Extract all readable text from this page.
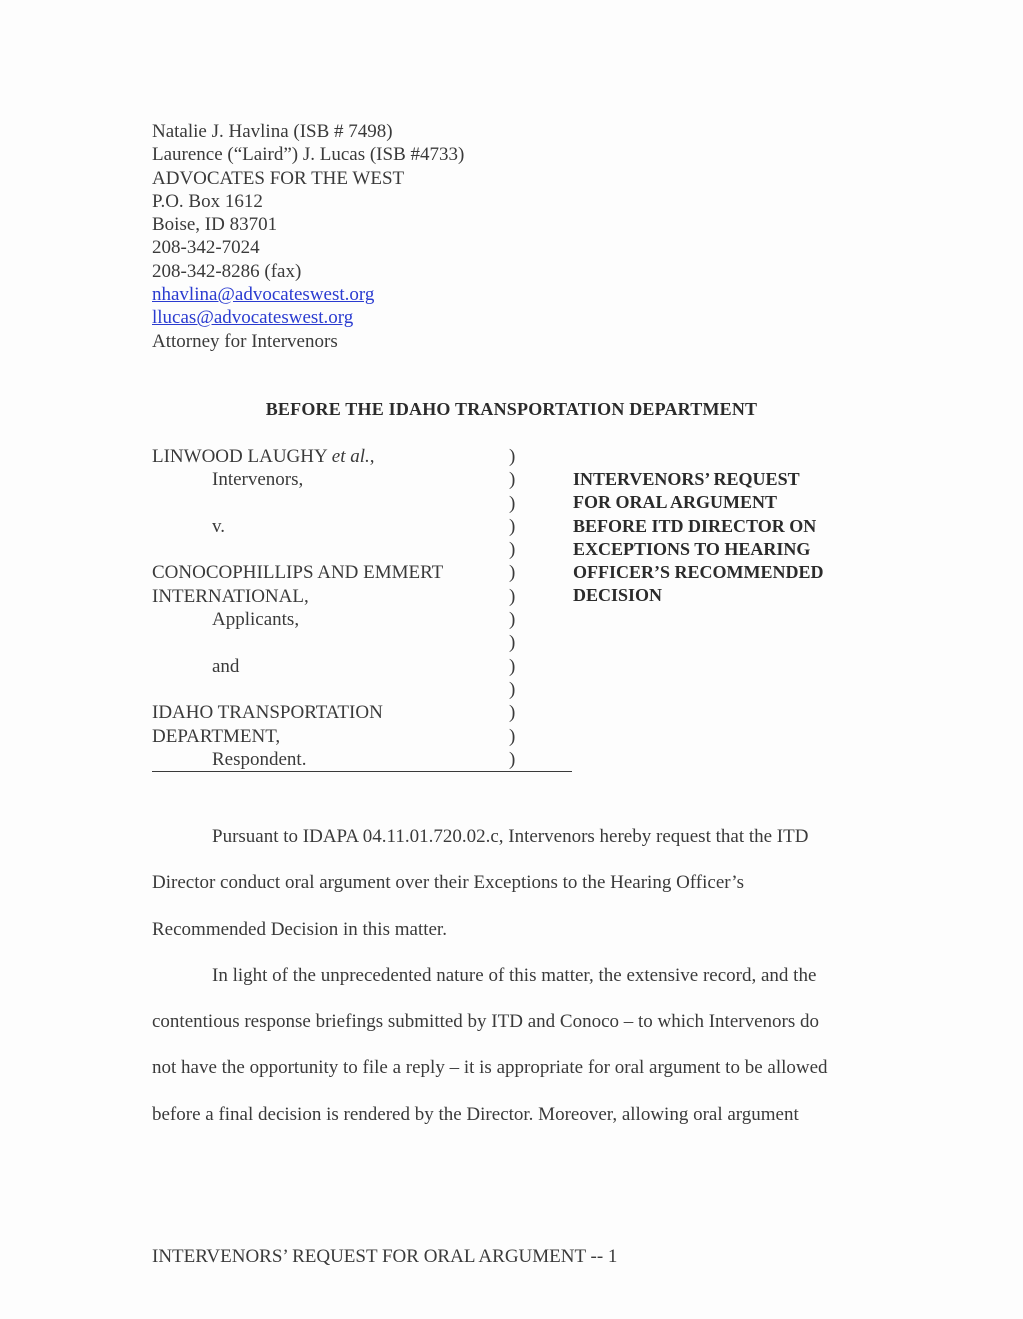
Natalie J. Havlina (ISB # 7498)
Laurence (“Laird”) J. Lucas (ISB #4733)
ADVOCATES FOR THE WEST
P.O. Box 1612
Boise, ID 83701
208-342-7024
208-342-8286 (fax)
nhavlina@advocateswest.org
llucas@advocateswest.org
Attorney for Intervenors
BEFORE THE IDAHO TRANSPORTATION DEPARTMENT
LINWOOD LAUGHY et al.,
Intervenors,
v.
CONOCOPHILLIPS AND EMMERT
INTERNATIONAL,
Applicants,
and
IDAHO TRANSPORTATION
DEPARTMENT,
Respondent.
)
)
)
)
)
)
)
)
)
)
)
)
)
)
INTERVENORS’ REQUEST
FOR ORAL ARGUMENT
BEFORE ITD DIRECTOR ON
EXCEPTIONS TO HEARING
OFFICER’S RECOMMENDED
DECISION
Pursuant to IDAPA 04.11.01.720.02.c, Intervenors hereby request that the ITD
Director conduct oral argument over their Exceptions to the Hearing Officer’s
Recommended Decision in this matter.
In light of the unprecedented nature of this matter, the extensive record, and the
contentious response briefings submitted by ITD and Conoco – to which Intervenors do
not have the opportunity to file a reply – it is appropriate for oral argument to be allowed
before a final decision is rendered by the Director. Moreover, allowing oral argument
INTERVENORS’ REQUEST FOR ORAL ARGUMENT -- 1
